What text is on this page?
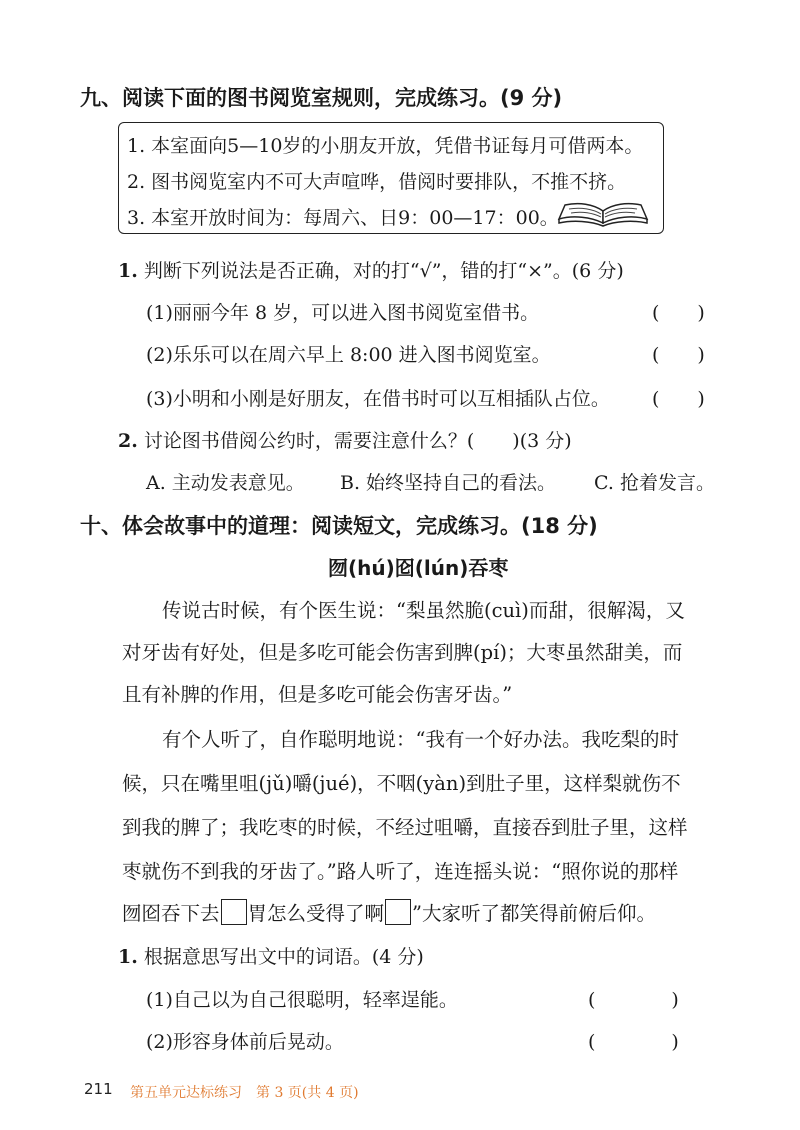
九、阅读下面的图书阅览室规则，完成练习。(9 分)
1. 本室面向5—10岁的小朋友开放，凭借书证每月可借两本。
2. 图书阅览室内不可大声喧哗，借阅时要排队，不推不挤。
3. 本室开放时间为：每周六、日9：00—17：00。
1. 判断下列说法是否正确，对的打“√”，错的打“×”。(6 分)
(1)丽丽今年 8 岁，可以进入图书阅览室借书。	(　　)
(2)乐乐可以在周六早上 8:00 进入图书阅览室。	(　　)
(3)小明和小刚是好朋友，在借书时可以互相插队占位。 (　　)
2. 讨论图书借阅公约时，需要注意什么？(　　)(3 分)
A. 主动发表意见。 B. 始终坚持自己的看法。 C. 抢着发言。
十、体会故事中的道理：阅读短文，完成练习。(18 分)
囫(hú)囵(lún)吞枣
传说古时候，有个医生说：“梨虽然脆(cuì)而甜，很解渴，又
对牙齿有好处，但是多吃可能会伤害到脾(pí)；大枣虽然甜美，而
且有补脾的作用，但是多吃可能会伤害牙齿。”
有个人听了，自作聪明地说：“我有一个好办法。我吃梨的时
候，只在嘴里咀(jǔ)嚼(jué)，不咽(yàn)到肚子里，这样梨就伤不
到我的脾了；我吃枣的时候，不经过咀嚼，直接吞到肚子里，这样
枣就伤不到我的牙齿了。”路人听了，连连摇头说：“照你说的那样
囫囵吞下去 胃怎么受得了啊 ”大家听了都笑得前俯后仰。
1. 根据意思写出文中的词语。(4 分)
(1)自己以为自己很聪明，轻率逞能。	(　　　　)
(2)形容身体前后晃动。	(　　　　)
211 第五单元达标练习　第 3 页(共 4 页)
